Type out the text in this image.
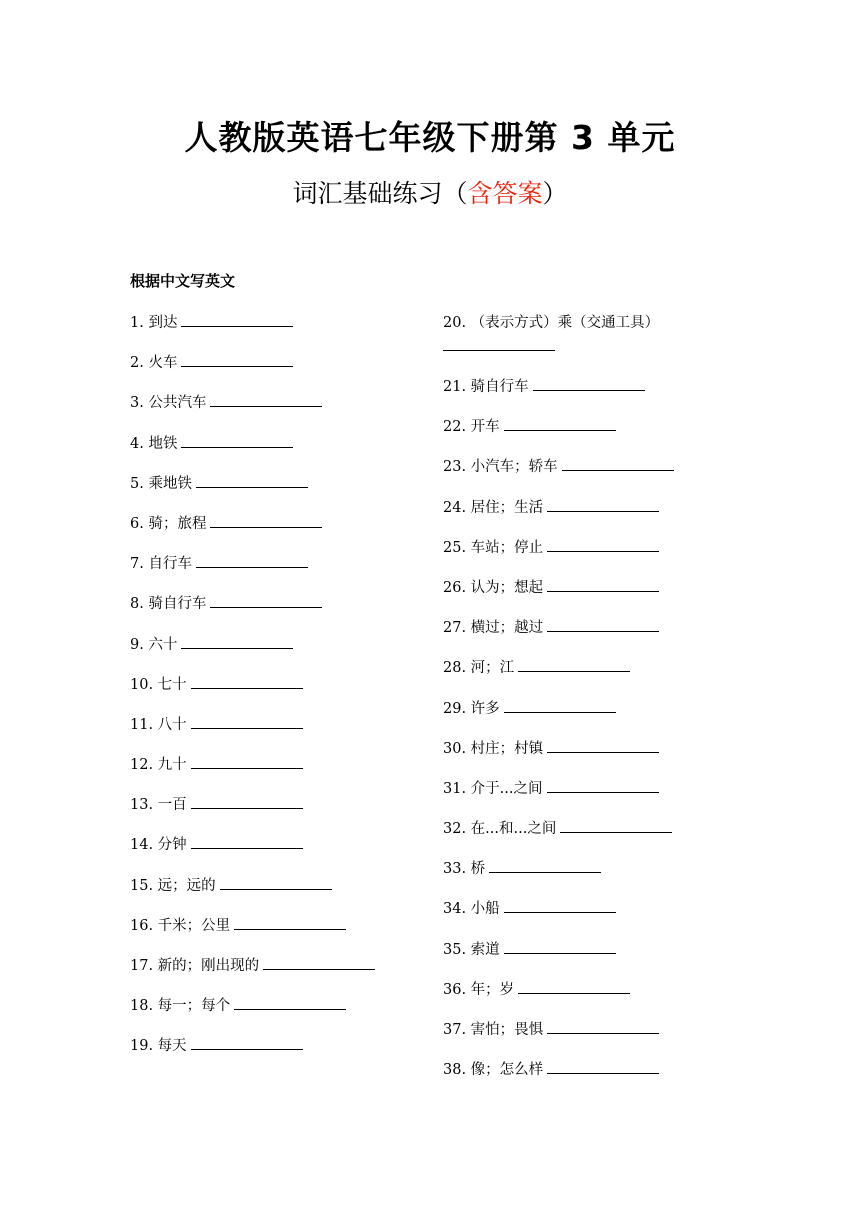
人教版英语七年级下册第 3 单元
词汇基础练习（含答案）
根据中文写英文
1. 到达
2. 火车
3. 公共汽车
4. 地铁
5. 乘地铁
6. 骑；旅程
7. 自行车
8. 骑自行车
9. 六十
10. 七十
11. 八十
12. 九十
13. 一百
14. 分钟
15. 远；远的
16. 千米；公里
17. 新的；刚出现的
18. 每一；每个
19. 每天
20. （表示方式）乘（交通工具）
21. 骑自行车
22. 开车
23. 小汽车；轿车
24. 居住；生活
25. 车站；停止
26. 认为；想起
27. 横过；越过
28. 河；江
29. 许多
30. 村庄；村镇
31. 介于...之间
32. 在...和...之间
33. 桥
34. 小船
35. 索道
36. 年；岁
37. 害怕；畏惧
38. 像；怎么样
